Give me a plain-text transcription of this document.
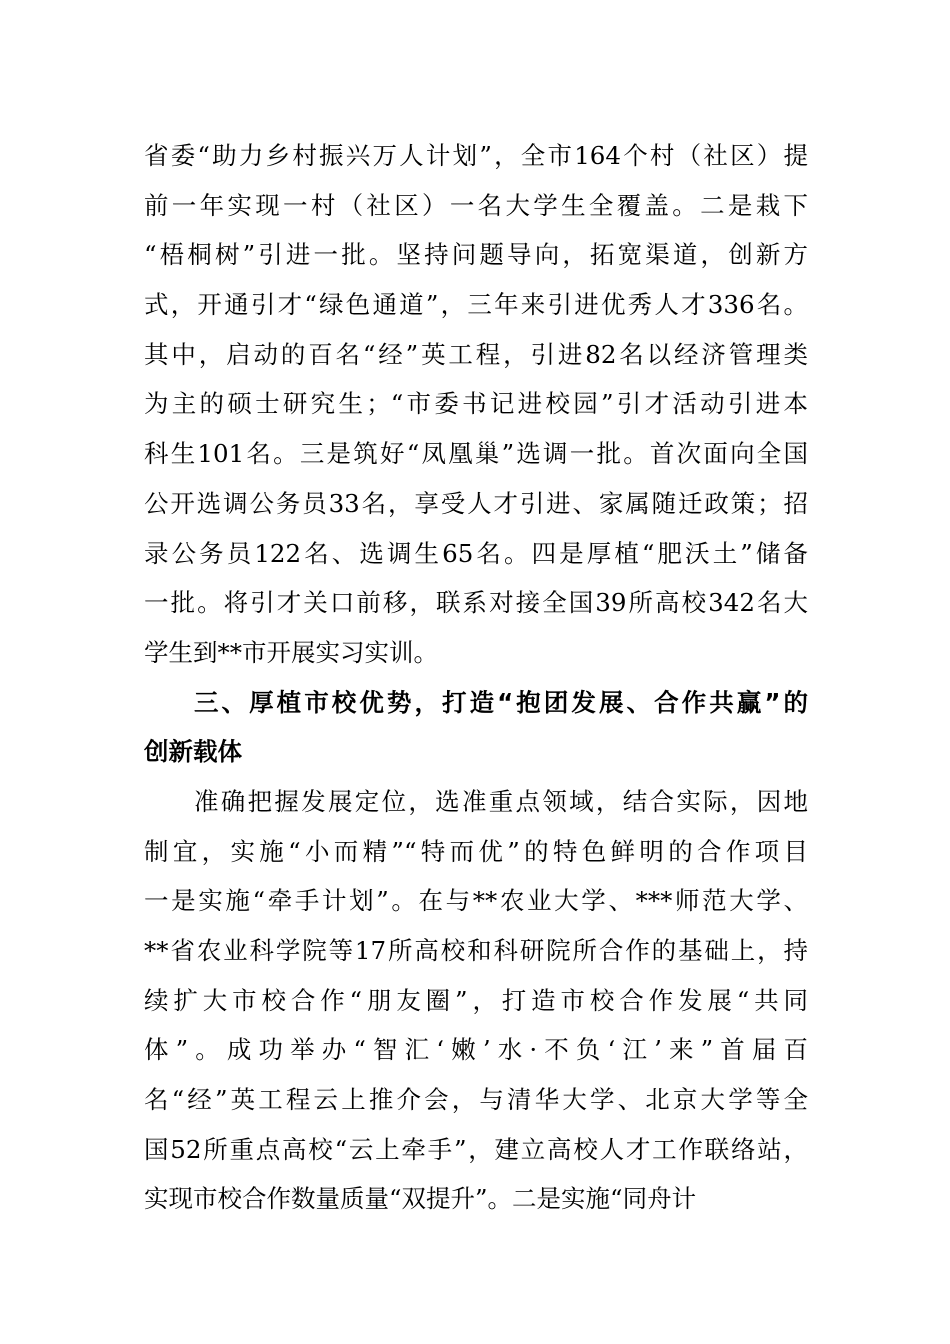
省委“助力乡村振兴万人计划”，全市164个村（社区）提
前一年实现一村（社区）一名大学生全覆盖。二是栽下
“梧桐树”引进一批。坚持问题导向，拓宽渠道，创新方
式，开通引才“绿色通道”，三年来引进优秀人才336名。
其中，启动的百名“经”英工程，引进82名以经济管理类
为主的硕士研究生；“市委书记进校园”引才活动引进本
科生101名。三是筑好“凤凰巢”选调一批。首次面向全国
公开选调公务员33名，享受人才引进、家属随迁政策；招
录公务员122名、选调生65名。四是厚植“肥沃土”储备
一批。将引才关口前移，联系对接全国39所高校342名大
学生到**市开展实习实训。
三、厚植市校优势，打造“抱团发展、合作共赢”的
创新载体
准确把握发展定位，选准重点领域，结合实际，因地
制宜，实施“小而精”“特而优”的特色鲜明的合作项目
一是实施“牵手计划”。在与**农业大学、***师范大学、
**省农业科学院等17所高校和科研院所合作的基础上，持
续扩大市校合作“朋友圈”，打造市校合作发展“共同
体”。成功举办“智汇‘嫩’水·不负‘江’来”首届百
名“经”英工程云上推介会，与清华大学、北京大学等全
国52所重点高校“云上牵手”，建立高校人才工作联络站，
实现市校合作数量质量“双提升”。二是实施“同舟计
